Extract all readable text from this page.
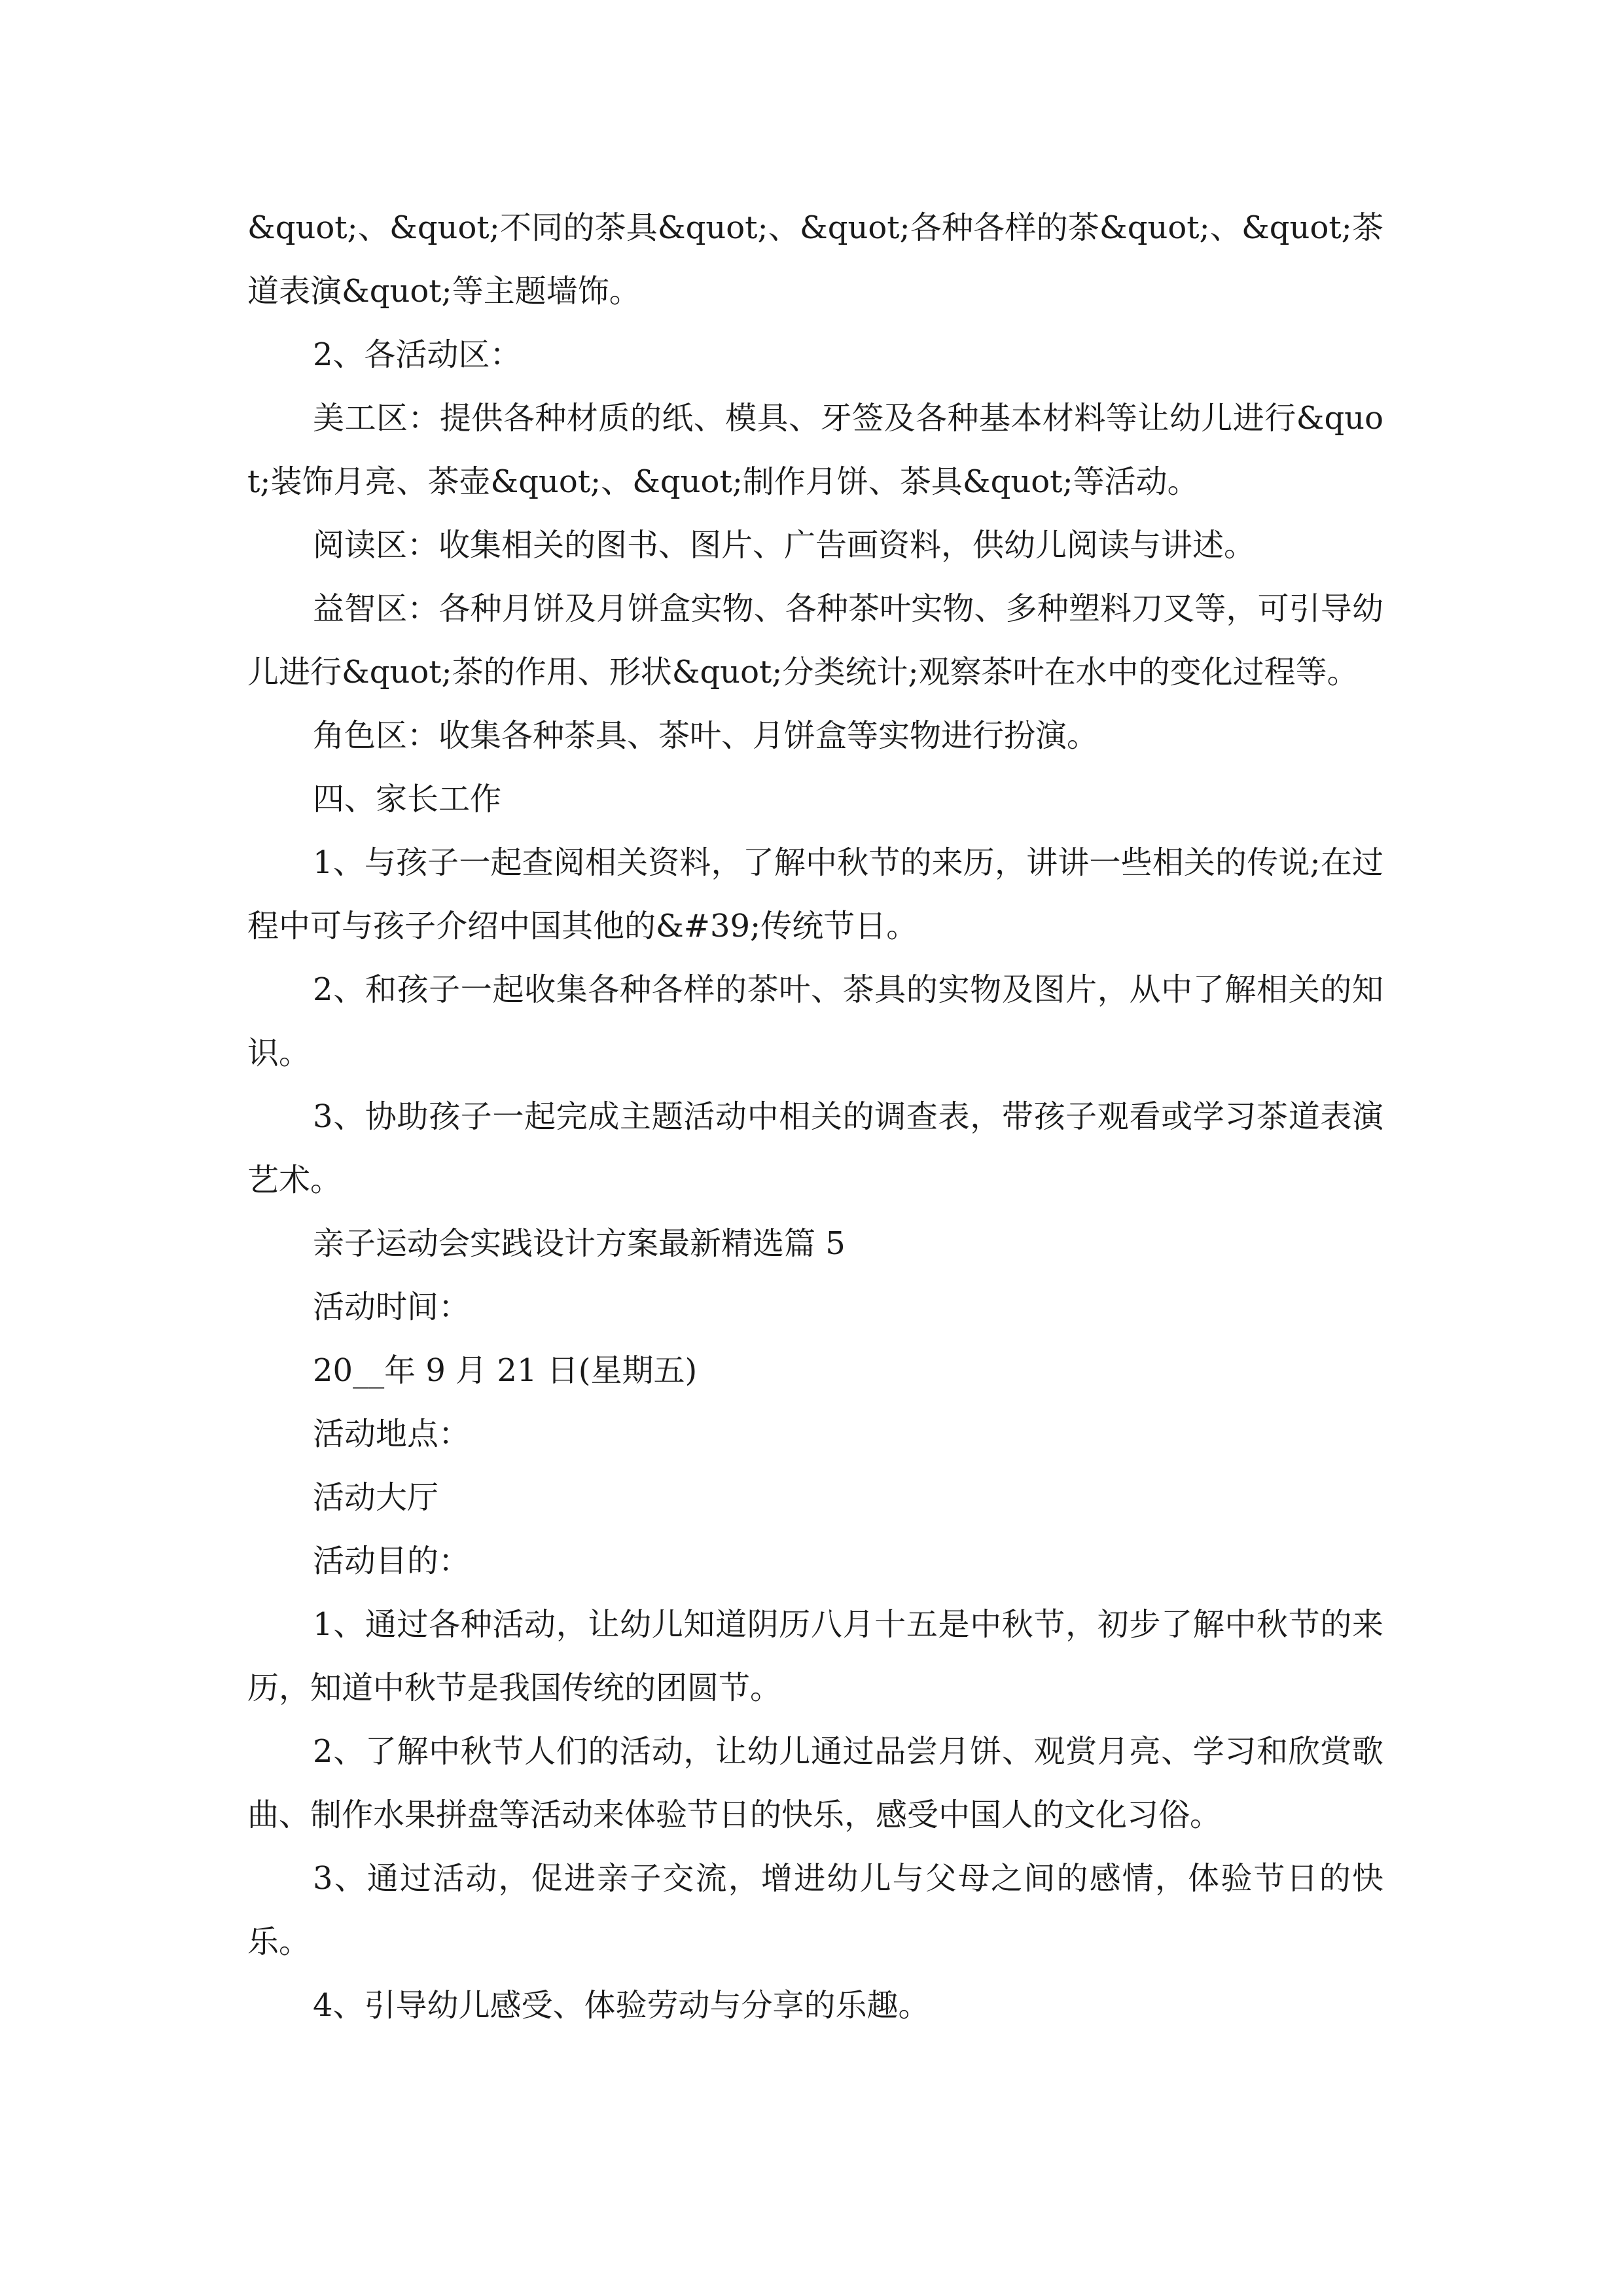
&quot;、&quot;不同的茶具&quot;、&quot;各种各样的茶&quot;、&quot;茶道表演&quot;等主题墙饰。

2、各活动区：

美工区：提供各种材质的纸、模具、牙签及各种基本材料等让幼儿进行&quot;装饰月亮、茶壶&quot;、&quot;制作月饼、茶具&quot;等活动。

阅读区：收集相关的图书、图片、广告画资料，供幼儿阅读与讲述。

益智区：各种月饼及月饼盒实物、各种茶叶实物、多种塑料刀叉等，可引导幼儿进行&quot;茶的作用、形状&quot;分类统计;观察茶叶在水中的变化过程等。

角色区：收集各种茶具、茶叶、月饼盒等实物进行扮演。

四、家长工作

1、与孩子一起查阅相关资料，了解中秋节的来历，讲讲一些相关的传说;在过程中可与孩子介绍中国其他的&#39;传统节日。

2、和孩子一起收集各种各样的茶叶、茶具的实物及图片，从中了解相关的知识。

3、协助孩子一起完成主题活动中相关的调查表，带孩子观看或学习茶道表演艺术。

亲子运动会实践设计方案最新精选篇 5

活动时间：

20__年 9 月 21 日(星期五)

活动地点：

活动大厅

活动目的：

1、通过各种活动，让幼儿知道阴历八月十五是中秋节，初步了解中秋节的来历，知道中秋节是我国传统的团圆节。

2、了解中秋节人们的活动，让幼儿通过品尝月饼、观赏月亮、学习和欣赏歌曲、制作水果拼盘等活动来体验节日的快乐，感受中国人的文化习俗。

3、通过活动，促进亲子交流，增进幼儿与父母之间的感情，体验节日的快乐。

4、引导幼儿感受、体验劳动与分享的乐趣。
